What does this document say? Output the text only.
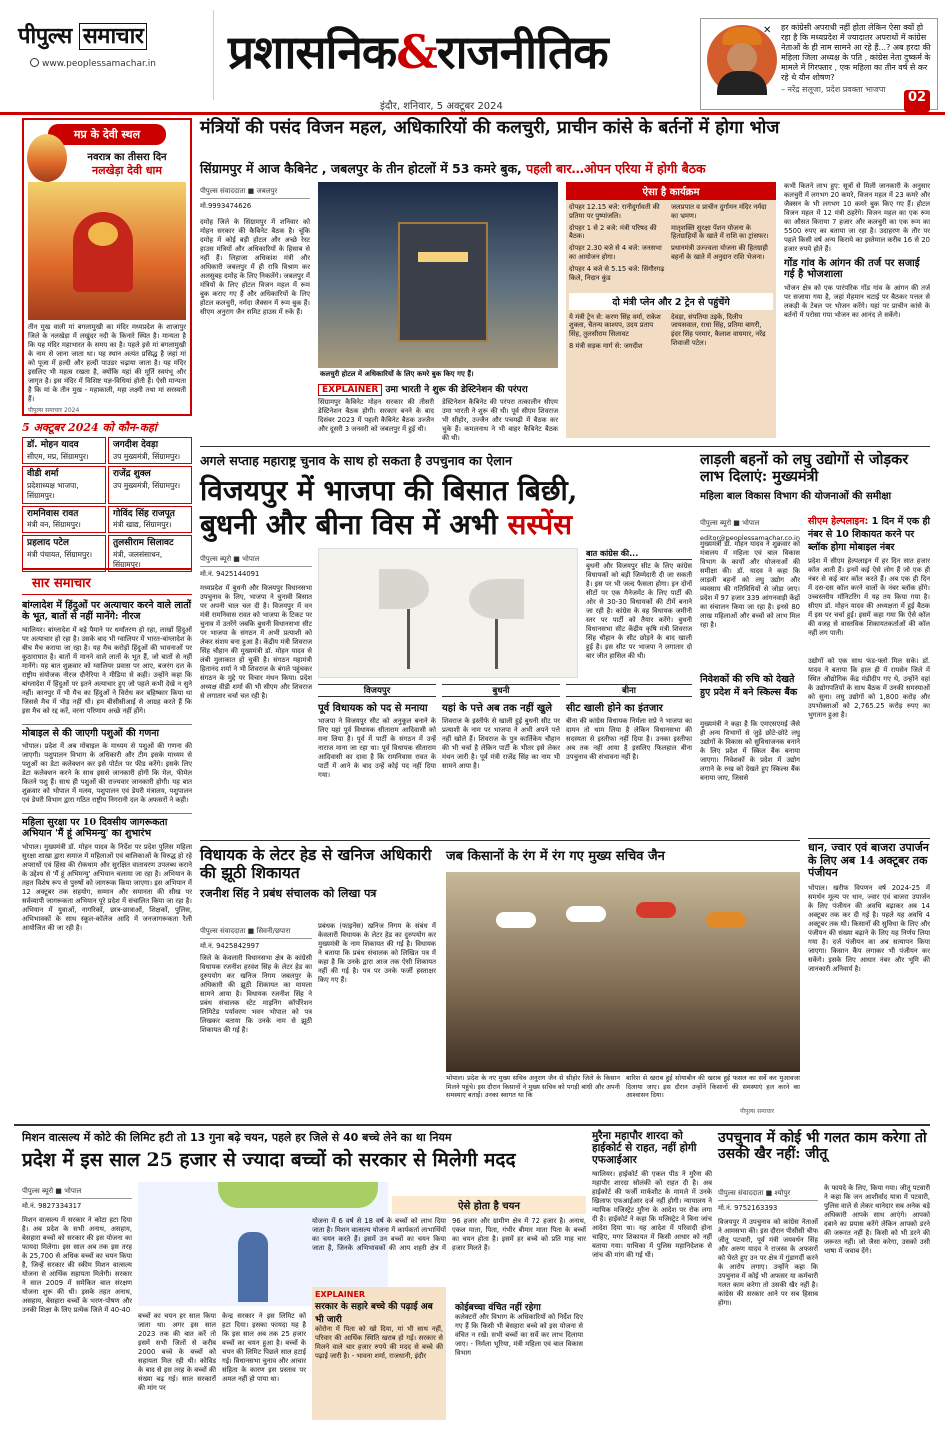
पीपुल्स समाचार
www.peoplessamachar.in प्रशासनिक&राजनीतिक
इंदौर, शनिवार, 5 अक्टूबर 2024
✕ हर कांग्रेसी अपराधी नहीं होता लेकिन ऐसा क्यों हो रहा है कि मध्यप्रदेश में ज्यादातर अपराधों में कांग्रेस नेताओं के ही नाम सामने आ रहे हैं...? अब हरदा की महिला जिला अध्यक्ष के पति , कांग्रेस नेता दुष्कर्म के मामले में गिरफ्तार , एक महिला का तीन वर्ष से कर रहे थे यौन शोषण?
– नरेंद्र सलूजा, प्रदेश प्रवक्ता भाजपा
02
मप्र के देवी स्थल
नवरात्र का तीसरा दिन
नलखेड़ा देवी धाम
तीन मुख वाली मां बगलामुखी का मंदिर मध्यप्रदेश के शाजापुर जिले के नलखेड़ा में लखुंदर नदी के किनारे स्थित है। मान्यता है कि यह मंदिर महाभारत के समय का है। पहले इसे मां बगलामुखी के नाम से जाना जाता था। यह स्थान अत्यंत प्रसिद्ध है जहां मां को पूजा में हल्दी और हल्दी पाउडर चढ़ाया जाता है। यह मंदिर इसलिए भी महत्व रखता है, क्योंकि यहां की मूर्ति स्वयंभू और जागृत है। इस मंदिर में विशिष्ट यज्ञ-विधियां होती हैं। ऐसी मान्यता है कि मां के तीन मुख - महाकाली, महा लक्ष्मी तथा मां सरस्वती हैं।
पीपुल्स समाचार 2024
5 अक्टूबर 2024 को कौन-कहां
डॉ. मोहन यादव
सीएम, मप्र, सिंग्रामपुर।
जगदीश देवड़ा
उप मुख्यमंत्री, सिंग्रामपुर।
वीडी शर्मा
प्रदेशाध्यक्ष भाजपा, सिंग्रामपुर।
राजेंद्र शुक्ल
उप मुख्यमंत्री, सिंग्रामपुर।
रामनिवास रावत
मंत्री वन, सिंग्रामपुर।
गोविंद सिंह राजपूत
मंत्री खाद्य, सिंग्रामपुर।
प्रहलाद पटेल
मंत्री पंचायत, सिंग्रामपुर।
तुलसीराम सिलावट
मंत्री, जलसंसाधन, सिंग्रामपुर।
सार समाचार
बांग्लादेश में हिंदुओं पर अत्याचार करने वाले लातों के भूत, बातों से नहीं मानेंगे: नीरज
ग्वालियर। बांग्लादेश में बड़े पैमाने पर धर्मांतरण हो रहा, लाखों हिंदुओं पर अत्याचार हो रहा है। उसके बाद भी ग्वालियर में भारत-बांग्लादेश के बीच मैच कराया जा रहा है। यह मैच करोड़ों हिंदुओं की भावनाओं पर कुठाराघात है। बातों में मानने वाले लातों के भूत हैं, जो बातों से नहीं मानेंगे। यह बात शुक्रवार को ग्वालियर प्रवास पर आए, बजरंग दल के राष्ट्रीय संयोजक नीरज दौनेरिया ने मीडिया से कही। उन्होंने कहा कि बांग्लादेश में हिंदुओं पर इतने अत्याचार हुए जो पहले कभी देखे न सुने नहीं। कानपुर में भी मैच का हिंदुओं ने विरोध कर बहिष्कार किया था जिससे मैच में भीड़ नहीं थी। हम बीसीसीआई से आग्रह करते हैं कि इस मैच को रद्द करें, वरना परिणाम अच्छे नहीं होंगे।
मोबाइल से की जाएगी पशुओं की गणना
भोपाल। प्रदेश में अब मोबाइल के माध्यम से पशुओं की गणना की जाएगी। पशुपालन विभाग के अधिकारी और टीम इसके माध्यम से पशुओं का डेटा कलेक्शन कर इसे पोर्टल पर फीड करेंगे। इसके लिए डेटा कलेक्शन करने के साथ इससे जानकारी होगी कि मेल, फीमेल कितने पशु हैं। साथ ही पशुओं की राज्यवार जानकारी होगी। यह बात शुक्रवार को भोपाल में मत्स्य, पशुपालन एवं डेयरी मंत्रालय, पशुपालन एवं डेयरी विभाग द्वारा गठित राष्ट्रीय निगरानी दल के अफसरों ने कही।
महिला सुरक्षा पर 10 दिवसीय जागरूकता अभियान 'मैं हूं अभिमन्यु' का शुभारंभ
भोपाल। मुख्यमंत्री डॉ. मोहन यादव के निर्देश पर प्रदेश पुलिस महिला सुरक्षा शाखा द्वारा समाज में महिलाओं एवं बालिकाओं के विरुद्ध हो रहे अपराधों एवं हिंसा की रोकथाम और सुरक्षित वातावरण उपलब्ध कराने के उद्देश्य से 'मैं हूं अभिमन्यु' अभियान चलाया जा रहा है। अभियान के तहत विशेष रूप से पुरुषों को जागरूक किया जाएगा। इस अभियान में 12 अक्टूबर तक सहयोग, सम्मान और समानता की सीख पर सर्वव्यापी जागरूकता अभियान पूरे प्रदेश में संचालित किया जा रहा है। अभियान में युवाओं, नागरिकों, छात्र-छात्राओं, शिक्षकों, पुलिस, अभिभावकों के साथ स्कूल-कॉलेज आदि में जनजागरूकता रैली आयोजित की जा रही है।
मंत्रियों की पसंद विजन महल, अधिकारियों की कलचुरी, प्राचीन कांसे के बर्तनों में होगा भोज
सिंग्रामपुर में आज कैबिनेट , जबलपुर के तीन होटलों में 53 कमरे बुक, पहली बार…ओपन एरिया में होगी बैठक
पीपुल्स संवाददाता ■ जबलपुर
मो.9993474626
दमोह जिले के सिंग्रामपुर में शनिवार को मोहन सरकार की कैबिनेट बैठक है। चूंकि दमोह में कोई बड़ी होटल और अच्छे रेस्ट हाउस मंत्रियों और अधिकारियों के हिसाब से नहीं हैं। लिहाजा अधिकांश मंत्री और अधिकारी जबलपुर में ही रात्रि विश्राम कर अलसुबह दमोह के लिए निकलेंगे। जबलपुर में मंत्रियों के लिए होटल विजन महल में रूम बुक कराए गए हैं और अधिकारियों के लिए होटल कलचुरी, नर्मदा जैक्सन में रूम बुक हैं। सीएम अनुराग जैन समिट हाउस में रुके हैं।
कलचुरी होटल में अधिकारियों के लिए कमरे बुक किए गए हैं।
EXPLAINER उमा भारती ने शुरू की डेस्टिनेशन की परंपरा
सिंग्रामपुर कैबिनेट मोहन सरकार की तीसरी डेस्टिनेशन बैठक होगी। सरकार बनने के बाद दिसंबर 2023 में पहली कैबिनेट बैठक उज्जैन और दूसरी 3 जनवरी को जबलपुर में हुई थी।
डेस्टिनेशन कैबिनेट की परंपरा तत्कालीन सीएम उमा भारती ने शुरू की थी। पूर्व सीएम शिवराज भी सीहोर, उज्जैन और पचमढ़ी में बैठक कर चुके हैं। कमलनाथ ने भी बाहर कैबिनेट बैठक की थी।
ऐसा है कार्यक्रम
दोपहर 12.15 बजे: रानीदुर्गावती की प्रतिमा पर पुष्पांजलि।
दोपहर 1 से 2 बजे: मंत्री परिषद की बैठक।
दोपहर 2.30 बजे से 4 बजे: जनसभा का आयोजन होगा।
दोपहर 4 बजे से 5.15 बजे: सिंगौरगढ़ किले, निदान कुंड
जलप्रपात व प्राचीन दुर्गामन मंदिर नर्मदा का भ्रमण।
मातृशक्ति सुरक्षा पेंशन योजना के हितग्राहियों के खाते में राशि का ट्रांसफर।
प्रधानमंत्री उज्ज्वला योजना की हितग्राही बहनों के खाते में अनुदान राशि भेजना।
दो मंत्री प्लेन और 2 ट्रेन से पहुंचेंगे
ये मंत्री ट्रेन से: करण सिंह वर्मा, राकेश शुक्ला, चैतन्य काश्यप, उदय प्रताप सिंह, तुलसीराम सिलावट
8 मंत्री सड़क मार्ग से: जगदीश
देवड़ा, संपतिया उइके, दिलीप जायसवाल, राधा सिंह, प्रतिमा बागरी, इंदर सिंह परमार, कैलाश वाघमार, नरेंद्र शिवाजी पटेल।
कभी कितने लाभ हुए: सूत्रों से मिली जानकारी के अनुसार कलचुरी में लगभग 20 कमरे, विजन महल में 23 कमरे और जैक्सन के भी लगभग 10 कमरे बुक किए गए हैं। होटल विजन महल में 12 मंत्री ठहरेंगे। विजन महल का एक रूम का औसत किराया 7 हजार और कलचुरी का एक रूम का 5500 रुपए का बताया जा रहा है। उदाहरण के तौर पर पहले किसी वर्ष अन्य किराये का इस्तेमाल करीब 16 से 20 हजार रुपये होते हैं।
गोंड गांव के आंगन की तर्ज पर सजाई गई है भोजशाला
भोजन क्षेत्र को एक पारंपरिक गोंड गांव के आंगन की तर्ज पर सजाया गया है, जहां मेहमान चटाई पर बैठकर पत्तल से लकड़ी के टेबल पर भोजन करेंगे। यहां पर प्राचीन कांसे के बर्तनों में परोसा गया भोजन का आनंद ले सकेंगे।
अगले सप्ताह महाराष्ट्र चुनाव के साथ हो सकता है उपचुनाव का ऐलान
विजयपुर में भाजपा की बिसात बिछी,
बुधनी और बीना विस में अभी सस्पेंस
पीपुल्स ब्यूरो ■ भोपाल
मो.नं. 9425144091
मध्यप्रदेश में बुधनी और विजयपुर विधानसभा उपचुनाव के लिए, भाजपा ने चुनावी बिसात पर अपनी चाल चल दी है। विजयपुर में वन मंत्री रामनिवास रावत को भाजपा के टिकट पर चुनाव में उतरेंगे जबकि बुधनी विधानसभा सीट पर भाजपा के संगठन में अभी प्रत्याशी को लेकर संशय बना हुआ है। केंद्रीय मंत्री शिवराज सिंह चौहान की मुख्यमंत्री डॉ. मोहन यादव से लंबी मुलाकात हो चुकी है। संगठन महामंत्री हितानंद शर्मा ने भी शिवराज के बंगले पहुंचकर संगठन के मुद्दे पर विचार मंथन किया। प्रदेश अध्यक्ष वीडी शर्मा की भी सीएम और शिवराज से लगातार चर्चा चल रही है।
बात कांग्रेस की...
बुधनी और विजयपुर सीट के लिए कांग्रेस विधायकों को बड़ी जिम्मेदारी दी जा सकती है। इस पर भी जल्द फैसला होगा। इन दोनों सीटों पर एक मैनेजमेंट के लिए पार्टी की ओर से 30-30 विधायकों की टीमें बनाने जा रही है। कांग्रेस के वह विधायक जमीनी स्तर पर पार्टी को तैयार करेंगे। बुधनी विधानसभा सीट केंद्रीय कृषि मंत्री शिवराज सिंह चौहान के सीट छोड़ने के बाद खाली हुई है। इस सीट पर भाजपा ने लगातार दो बार जीत हासिल की थी।
विजयपुर
पूर्व विधायक को पद से मनाया
भाजपा ने विजयपुर सीट को अनुकूल बनाने के लिए यहां पूर्व विधायक सीताराम आदिवासी को मना लिया है। पूर्व में पार्टी के संगठन में उन्हें नाराज माना जा रहा था। पूर्व विधायक सीताराम आदिवासी का दावा है कि रामनिवास रावत के पार्टी में आने के बाद उन्हें कोई पद नहीं दिया गया।
बुधनी
यहां के पत्ते अब तक नहीं खुले
शिवराज के इस्तीफे से खाली हुई बुधनी सीट पर प्रत्याशी के नाम पर भाजपा ने अभी अपने पत्ते नहीं खोले हैं। शिवराज के पुत्र कार्तिकेय चौहान की भी चर्चा है लेकिन पार्टी के भीतर इसे लेकर मंथन जारी है। पूर्व मंत्री राजेंद्र सिंह का नाम भी सामने आया है।
बीना
सीट खाली होने का इंतजार
बीना की कांग्रेस विधायक निर्मला सप्रे ने भाजपा का दामन तो थाम लिया है लेकिन विधानसभा की सदस्यता से इस्तीफा नहीं दिया है। उनका इस्तीफा अब तक नहीं आया है इसलिए फिलहाल बीना उपचुनाव की संभावना नहीं है।
लाड़ली बहनों को लघु उद्योगों से जोड़कर लाभ दिलाएं: मुख्यमंत्री
महिला बाल विकास विभाग की योजनाओं की समीक्षा
पीपुल्स ब्यूरो ■ भोपाल
editor@peoplessamachar.co.in
मुख्यमंत्री डॉ. मोहन यादव ने शुक्रवार को मंत्रालय में महिला एवं बाल विकास विभाग के कार्यों और योजनाओं की समीक्षा की। डॉ. यादव ने कहा कि लाड़ली बहनों को लघु उद्योग और व्यवसाय की गतिविधियों से जोड़ा जाए। प्रदेश में 97 हजार 339 आंगनवाड़ी केंद्रों का संचालन किया जा रहा है। इनसे 80 लाख महिलाओं और बच्चों को लाभ मिल रहा है।
निवेशकों की रुचि को देखते हुए प्रदेश में बने स्किल्स बैंक
मुख्यमंत्री ने कहा है कि एमएसएमई जैसे ही अन्य विभागों से जुड़े छोटे-छोटे लघु उद्योगों के विकास को सुविधाजनक बनाने के लिए प्रदेश में स्किल बैंक बनाया जाएगा। निवेशकों के प्रदेश में उद्योग लगाने के रुख को देखते हुए स्किल्स बैंक बनाया जाए, जिससे
सीएम हेल्पलाइन: 1 दिन में एक ही नंबर से 10 शिकायत करने पर ब्लॉक होगा मोबाइल नंबर
प्रदेश में सीएम हेल्पलाइन में हर दिन सात हजार कॉल आती हैं। इनमें कई ऐसे लोग हैं जो एक ही नंबर से कई बार कॉल करते हैं। अब एक ही दिन में दस-दस कॉल करने वालों के नंबर ब्लॉक होंगे। उच्चस्तरीय मॉनिटरिंग में यह तय किया गया है। सीएम डॉ. मोहन यादव की अध्यक्षता में हुई बैठक में इस पर चर्चा हुई। इसमें कहा गया कि ऐसे कॉल की वजह से वास्तविक शिकायतकर्ताओं की कॉल नहीं लग पाती।
उद्योगों को एक साथ फंड-फ्लो मिल सके। डॉ. यादव ने बताया कि हाल ही में रायसेन जिले में स्थित औद्योगिक केंद्र मंडीदीप गए थे, उन्होंने वहां के उद्योगपतियों के साथ बैठक में उनकी समस्याओं को सुना। लघु उद्योगों को 1,800 करोड़ और उपभोक्ताओं को 2,765.25 करोड़ रुपए का भुगतान हुआ है।
धान, ज्वार एवं बाजरा उपार्जन के लिए अब 14 अक्टूबर तक पंजीयन
भोपाल। खरीफ विपणन वर्ष 2024-25 में समर्थन मूल्य पर धान, ज्वार एवं बाजरा उपार्जन के लिए पंजीयन की अवधि बढ़ाकर अब 14 अक्टूबर तक कर दी गई है। पहले यह अवधि 4 अक्टूबर तक थी। किसानों की सुविधा के लिए और पंजीयन की संख्या बढ़ाने के लिए यह निर्णय लिया गया है। दर्ज पंजीयन का अब सत्यापन किया जाएगा। किसान कैंप लगाकर भी पंजीयन कर सकेंगे। इसके लिए आधार नंबर और भूमि की जानकारी अनिवार्य है।
विधायक के लेटर हेड से खनिज अधिकारी की झूठी शिकायत
रजनीश सिंह ने प्रबंध संचालक को लिखा पत्र
पीपुल्स संवाददाता ■ सिवनी/छपारा
मो.नं. 9425842997
जिले के केवलारी विधानसभा क्षेत्र के कांग्रेसी विधायक रजनीश हरवंश सिंह के लेटर हेड का दुरुपयोग कर खनिज निगम जबलपुर के अधिकारी की झूठी शिकायत का मामला सामने आया है। विधायक रजनीश सिंह ने प्रबंध संचालक स्टेट माइनिंग कॉर्पोरेशन लिमिटेड पर्यावरण भवन भोपाल को पत्र लिखकर बताया कि उनके नाम से झूठी शिकायत की गई है।
प्रबंधक (फाइनेंस) खनिज निगम के संबंध में केवलारी विधायक के लेटर हेड का दुरुपयोग कर मुख्यमंत्री के नाम शिकायत की गई है। विधायक ने बताया कि प्रबंध संचालक को लिखित पत्र में कहा है कि उनके द्वारा आज तक ऐसी शिकायत नहीं की गई है। पत्र पर उनके फर्जी हस्ताक्षर किए गए हैं।
जब किसानों के रंग में रंग गए मुख्य सचिव जैन
भोपाल। प्रदेश के नए मुख्य सचिव अनुराग जैन से सीहोर जिले के किसान मिलने पहुंचे। इस दौरान किसानों ने मुख्य सचिव को पगड़ी बांधी और अपनी समस्याएं बताईं। उनका स्वागत था कि
बारिश से खराब हुई सोयाबीन की खराब हुई फसल का सर्वे कर मुआवजा दिलाया जाए। इस दौरान उन्होंने किसानों की समस्याएं हल करने का आश्वासन दिया।
पीपुल्स समाचार
मिशन वात्सल्य में कोटे की लिमिट हटी तो 13 गुना बढ़े चयन, पहले हर जिले से 40 बच्चे लेने का था नियम
प्रदेश में इस साल 25 हजार से ज्यादा बच्चों को सरकार से मिलेगी मदद
पीपुल्स ब्यूरो ■ भोपाल
मो.नं. 9827334317
मिशन वात्सल्य में सरकार ने कोटा हटा दिया है। अब प्रदेश के सभी अनाथ, असहाय, बेसहारा बच्चों को सरकार की इस योजना का फायदा मिलेगा। इस साल अब तक इस तरह के 25,700 से अधिक बच्चों का चयन किया है, जिन्हें सरकार की स्कीम मिशन वात्सल्य योजना से आर्थिक सहायता मिलेगी। सरकार ने साल 2009 में समेकित बाल संरक्षण योजना शुरू की थी। इसके तहत अनाथ, असहाय, बेसहारा बच्चों के भरण-पोषण और उनकी शिक्षा के लिए प्रत्येक जिले में 40-40
बच्चों का चयन हर साल किया जाता था। अगर इस साल 2023 तक की बात करें तो इसमें सभी जिलों से करीब 2000 बच्चे के बच्चों को सहायता मिल रही थी। कोविड के बाद से इस तरह के बच्चों की संख्या बढ़ गई। साल सरकारों की मांग पर
केन्द्र सरकार ने इस लिमिट को हटा दिया। इसका फायदा यह है कि इस साल अब तक 25 हजार बच्चों का चयन हुआ है। बच्चों के चयन की लिमिट पिछले साल हटाई गई। विधानसभा चुनाव और आचार संहिता के कारण इस प्रस्ताव पर अमल नहीं हो पाया था।
ऐसे होता है चयन
योजना में 6 वर्ष से 18 वर्ष के बच्चों को लाभ दिया जाता है। मिशन वात्सल्य योजना में कार्यकर्ता लाभार्थियों का चयन करते हैं। इसमें उन बच्चों का चयन किया जाता है, जिनके अभिभावकों की आय शहरी क्षेत्र में 96 हजार और ग्रामीण क्षेत्र में 72 हजार है। अनाथ, एकल माता, पिता, गंभीर बीमार माता पिता के बच्चों का चयन होता है। इसमें हर बच्चे को प्रति माह चार हजार मिलते हैं।
EXPLAINER
सरकार के सहारे बच्चे की पढ़ाई अब भी जारी
कोरोना में पिता को खो दिया, मां भी साथ नहीं, परिवार की आर्थिक स्थिति खराब हो गई। सरकार से मिलने वाले चार हजार रुपये की मदद से बच्चे की पढ़ाई जारी है। - भावना शर्मा, राजधानी, इंदौर
कोईबच्चा वंचित नहीं रहेगा
कलेक्टरों और विभाग के अधिकारियों को निर्देश दिए गए हैं कि किसी भी बेसहारा बच्चे को इस योजना से वंचित न रखें। सभी बच्चों का सर्वे कर लाभ दिलाया जाए। - निर्मला भूरिया, मंत्री महिला एवं बाल विकास विभाग
मुरैना महापौर शारदा को हाईकोर्ट से राहत, नहीं होगी एफआईआर
ग्वालियर। हाईकोर्ट की एकल पीठ ने मुरैना की महापौर शारदा सोलंकी को राहत दी है। अब हाईकोर्ट की फर्जी मार्कशीट के मामले में उनके खिलाफ एफआईआर दर्ज नहीं होगी। न्यायालय ने न्यायिक मजिस्ट्रेट मुरैना के आदेश पर रोक लगा दी है। हाईकोर्ट ने कहा कि मजिस्ट्रेट ने बिना जांच आदेश दिया था। यह आदेश में परिवादी होना चाहिए, मगर शिकायत में किसी आधार को नहीं बताया गया। याचिका में पुलिस महानिदेशक से जांच की मांग की गई थी।
उपचुनाव में कोई भी गलत काम करेगा तो उसकी खैर नहीं: जीतू
पीपुल्स संवाददाता ■ श्योपुर
मो.नं. 9752163393
विजयपुर में उपचुनाव को कांग्रेस नेताओं ने आमसभा की। इस दौरान पीसीसी चीफ जीतू पटवारी, पूर्व मंत्री जयवर्धन सिंह और अरुण यादव ने राजस्व के अफसरों को घेरते हुए उन पर क्षेत्र में गुंडागर्दी करने के आरोप लगाए। उन्होंने कहा कि उपचुनाव में कोई भी अफसर या कर्मचारी गलत काम करेगा तो उसकी खैर नहीं है। कांग्रेस की सरकार आने पर सब हिसाब होगा।
के फायदे के लिए, किया गया। जीतू पटवारी ने कहा कि जन आशीर्वाद यात्रा में पटवारी, पुलिस वाले से लेकर थानेदार सब अनेक बड़े अधिकारी आपके साथ आएंगे। आपको दबाने का प्रयास करेंगे लेकिन आपको डरने की जरूरत नहीं है। किसी को भी डरने की जरूरत नहीं। जो जैसा करेगा, उसको उसी भाषा में जवाब देंगे।
